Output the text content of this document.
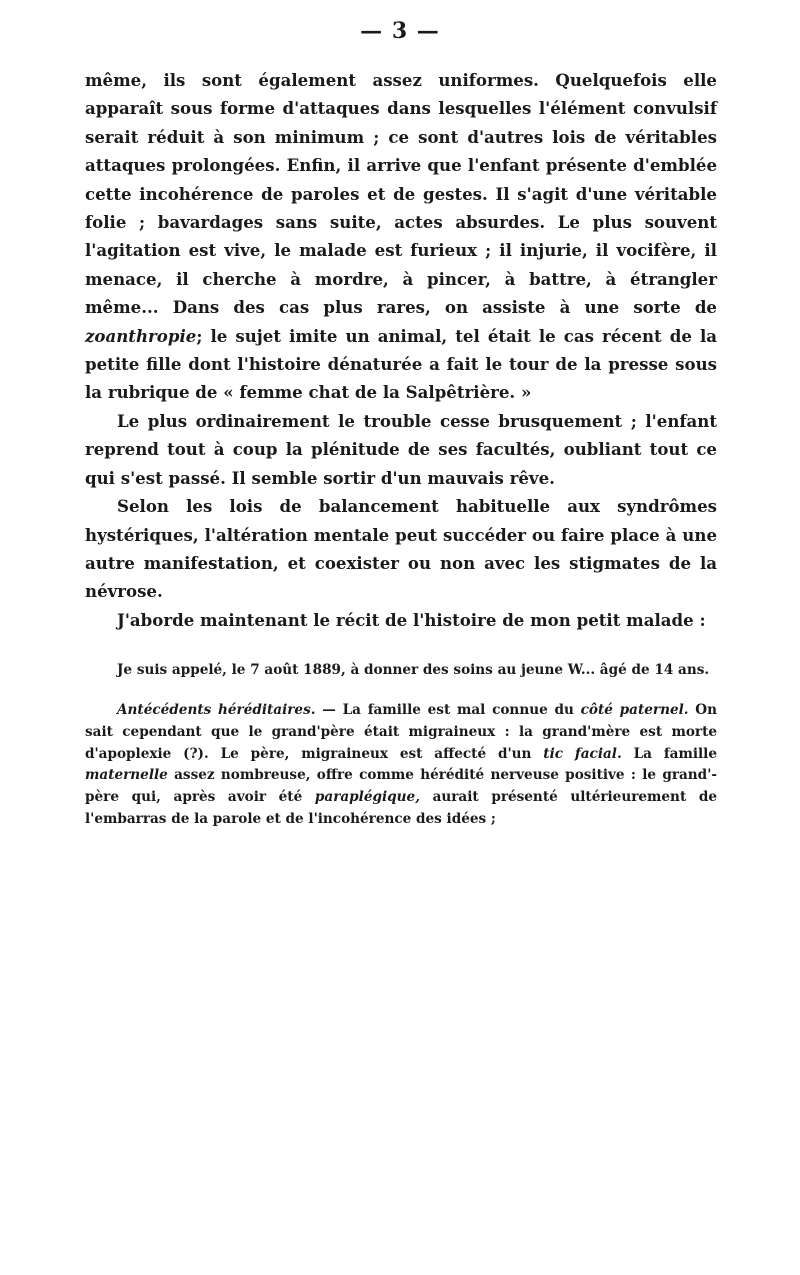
— 3 —

même, ils sont également assez uniformes. Quelquefois elle apparaît sous forme d'attaques dans lesquelles l'élément convulsif serait réduit à son minimum ; ce sont d'autres lois de véritables attaques prolongées. Enfin, il arrive que l'enfant présente d'emblée cette incohérence de paroles et de gestes. Il s'agit d'une véritable folie ; bavardages sans suite, actes absurdes. Le plus souvent l'agitation est vive, le malade est furieux ; il injurie, il vocifère, il menace, il cherche à mordre, à pincer, à battre, à étrangler même... Dans des cas plus rares, on assiste à une sorte de zoanthropie; le sujet imite un animal, tel était le cas récent de la petite fille dont l'histoire dénaturée a fait le tour de la presse sous la rubrique de « femme chat de la Salpêtrière. »

Le plus ordinairement le trouble cesse brusquement ; l'enfant reprend tout à coup la plénitude de ses facultés, oubliant tout ce qui s'est passé. Il semble sortir d'un mauvais rêve.

Selon les lois de balancement habituelle aux syndrômes hystériques, l'altération mentale peut succéder ou faire place à une autre manifestation, et coexister ou non avec les stigmates de la névrose.

J'aborde maintenant le récit de l'histoire de mon petit malade :

Je suis appelé, le 7 août 1889, à donner des soins au jeune W... âgé de 14 ans.

Antécédents héréditaires. — La famille est mal connue du côté paternel. On sait cependant que le grand'père était migraineux : la grand'mère est morte d'apoplexie (?). Le père, migraineux est affecté d'un tic facial. La famille maternelle assez nombreuse, offre comme hérédité nerveuse positive : le grand'-père qui, après avoir été paraplégique, aurait présenté ultérieurement de l'embarras de la parole et de l'incohérence des idées ;
